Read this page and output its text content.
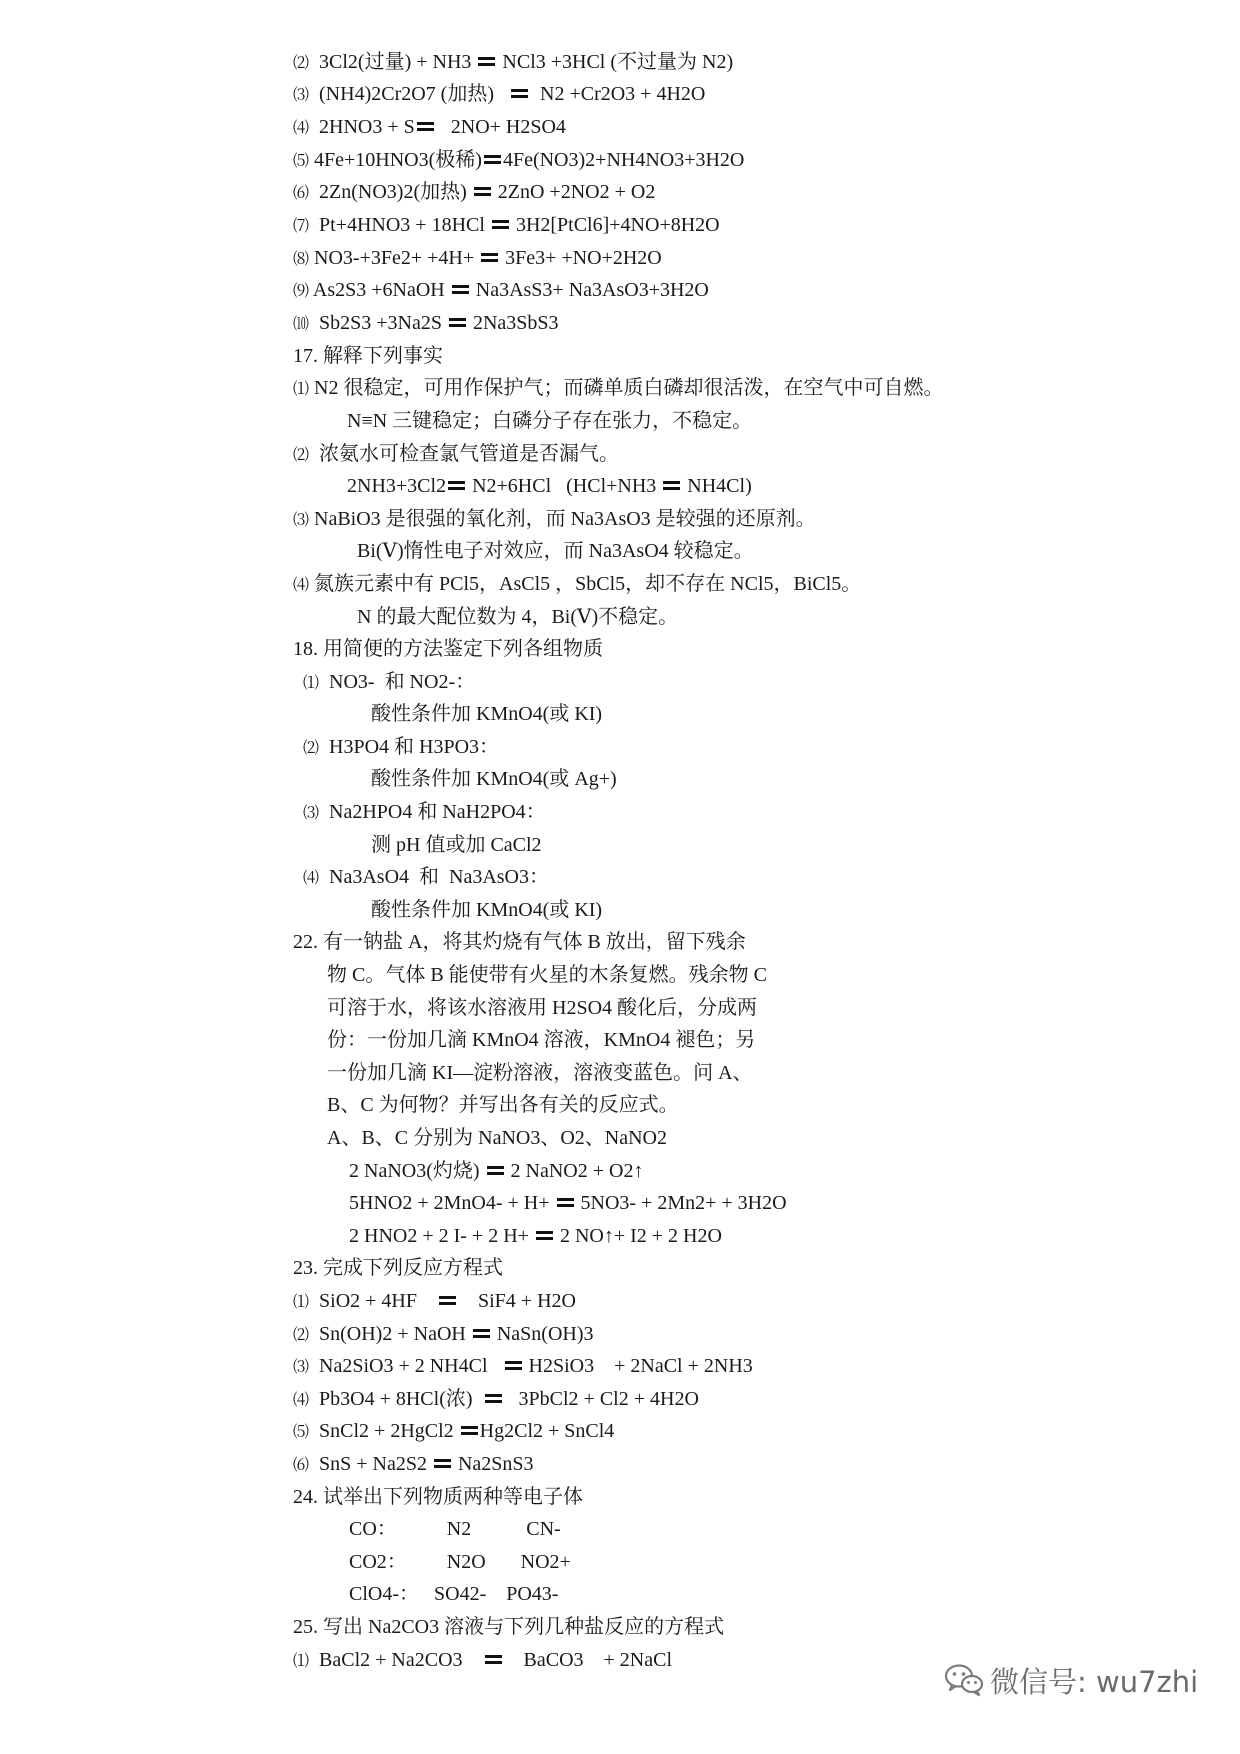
⑵  3Cl2(过量) + NH3  NCl3 +3HCl (不过量为 N2)
⑶  (NH4)2Cr2O7 (加热)     N2 +Cr2O3 + 4H2O
⑷  2HNO3 + S   2NO+ H2SO4
⑸ 4Fe+10HNO3(极稀) 4Fe(NO3)2+NH4NO3+3H2O
⑹  2Zn(NO3)2(加热)  2ZnO +2NO2 + O2
⑺  Pt+4HNO3 + 18HCl  3H2[PtCl6]+4NO+8H2O
⑻ NO3-+3Fe2+ +4H+  3Fe3+ +NO+2H2O
⑼ As2S3 +6NaOH  Na3AsS3+ Na3AsO3+3H2O
⑽  Sb2S3 +3Na2S  2Na3SbS3
17. 解释下列事实
⑴ N2 很稳定，可用作保护气；而磷单质白磷却很活泼，在空气中可自燃。
N≡N 三键稳定；白磷分子存在张力，不稳定。
⑵  浓氨水可检查氯气管道是否漏气。
2NH3+3Cl2 N2+6HCl   (HCl+NH3  NH4Cl)
⑶ NaBiO3 是很强的氧化剂，而 Na3AsO3 是较强的还原剂。
Bi(Ⅴ)惰性电子对效应，而 Na3AsO4 较稳定。
⑷ 氮族元素中有 PCl5，AsCl5 ，SbCl5，却不存在 NCl5，BiCl5。
N 的最大配位数为 4，Bi(Ⅴ)不稳定。
18. 用简便的方法鉴定下列各组物质
⑴  NO3-  和 NO2-：
酸性条件加 KMnO4(或 KI)
⑵  H3PO4 和 H3PO3：
酸性条件加 KMnO4(或 Ag+)
⑶  Na2HPO4 和 NaH2PO4：
测 pH 值或加 CaCl2
⑷  Na3AsO4  和  Na3AsO3：
酸性条件加 KMnO4(或 KI)
22. 有一钠盐 A，将其灼烧有气体 B 放出，留下残余
物 C。气体 B 能使带有火星的木条复燃。残余物 C
可溶于水，将该水溶液用 H2SO4 酸化后，分成两
份：一份加几滴 KMnO4 溶液，KMnO4 褪色；另
一份加几滴 KI—淀粉溶液，溶液变蓝色。问 A、
B、C 为何物？并写出各有关的反应式。
A、B、C 分别为 NaNO3、O2、NaNO2
2 NaNO3(灼烧)  2 NaNO2 + O2↑
5HNO2 + 2MnO4- + H+  5NO3- + 2Mn2+ + 3H2O
2 HNO2 + 2 I- + 2 H+  2 NO↑+ I2 + 2 H2O
23. 完成下列反应方程式
⑴  SiO2 + 4HF        SiF4 + H2O
⑵  Sn(OH)2 + NaOH  NaSn(OH)3
⑶  Na2SiO3 + 2 NH4Cl    H2SiO3    + 2NaCl + 2NH3
⑷  Pb3O4 + 8HCl(浓)     3PbCl2 + Cl2 + 4H2O
⑸  SnCl2 + 2HgCl2 Hg2Cl2 + SnCl4
⑹  SnS + Na2S2  Na2SnS3
24. 试举出下列物质两种等电子体
CO：          N2           CN-
CO2：        N2O       NO2+
ClO4-：   SO42-    PO43-
25. 写出 Na2CO3 溶液与下列几种盐反应的方程式
⑴  BaCl2 + Na2CO3        BaCO3    + 2NaCl
微信号: wu7zhi
